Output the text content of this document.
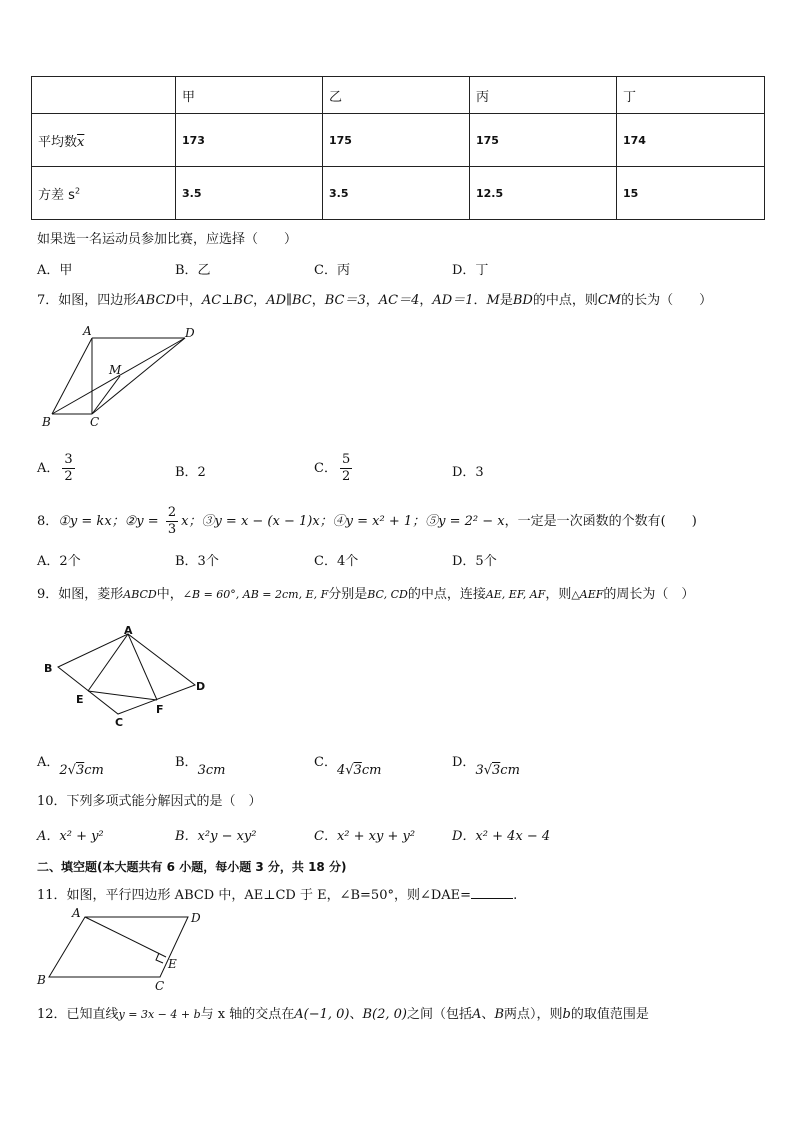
	甲	乙	丙	丁
平均数$\overline{x}$	173	175	175	174
方差 $s^2$	3.5	3.5	12.5	15
如果选一名运动员参加比赛，应选择（　　）
A．甲	B．乙	C．丙	D．丁
7．如图，四边形ABCD中，AC⊥BC，AD∥BC，BC＝3，AC＝4，AD＝1．M是BD的中点，则CM的长为（　　）
A	D
M
B	C
A． $\frac{3}{2}$	B．2	C． $\frac{5}{2}$	D．3
8．①y = kx；②y = $\frac{2}{3}$ x；③y = x − (x − 1)x；④y = x² + 1；⑤y = 2² − x，一定是一次函数的个数有(　　)
A．2个	B．3个	C．4个	D．5个
9．如图，菱形ABCD中，∠B = 60°, AB = 2cm, E, F分别是BC, CD的中点，连接AE, EF, AF，则△AEF的周长为（　）
A
B
E
C
F
D
A．2√3cm
B．3cm
C．4√3cm
D．3√3cm
10．下列多项式能分解因式的是（　）
A．x² + y²	B．x²y − xy²	C．x² + xy + y²	D．x² + 4x − 4
二、填空题(本大题共有 6 小题，每小题 3 分，共 18 分)
11．如图，平行四边形 ABCD 中，AE⊥CD 于 E，∠B=50°，则∠DAE=	.
A	D
E
B	C
12．已知直线y = 3x − 4 + b与 x 轴的交点在A(−1, 0)、B(2, 0)之间（包括A、B两点），则b的取值范围是
